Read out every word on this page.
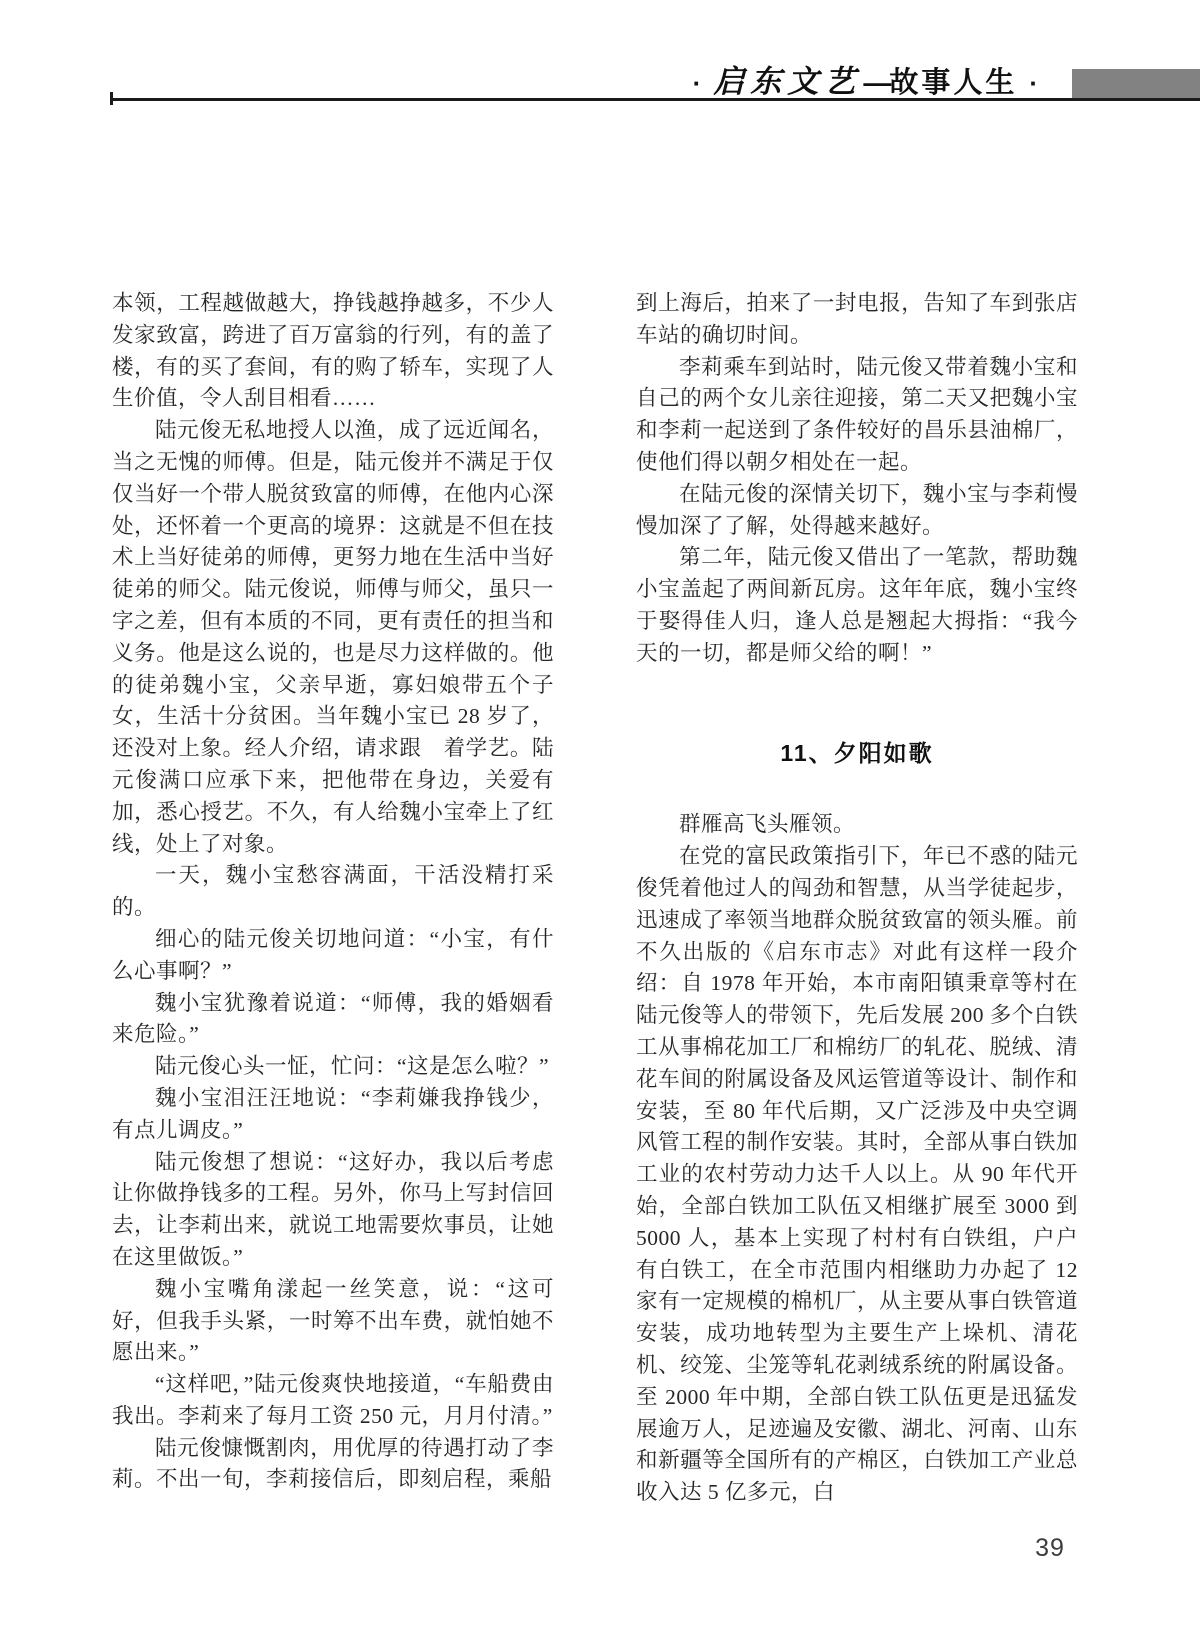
· 启东文艺 —
故事人生 ·

本领，工程越做越大，挣钱越挣越多，不少人发家致富，跨进了百万富翁的行列，有的盖了楼，有的买了套间，有的购了轿车，实现了人生价值，令人刮目相看……

陆元俊无私地授人以渔，成了远近闻名，当之无愧的师傅。但是，陆元俊并不满足于仅仅当好一个带人脱贫致富的师傅，在他内心深处，还怀着一个更高的境界：这就是不但在技术上当好徒弟的师傅，更努力地在生活中当好徒弟的师父。陆元俊说，师傅与师父，虽只一字之差，但有本质的不同，更有责任的担当和义务。他是这么说的，也是尽力这样做的。他的徒弟魏小宝，父亲早逝，寡妇娘带五个子女，生活十分贫困。当年魏小宝已 28 岁了，还没对上象。经人介绍，请求跟　着学艺。陆元俊满口应承下来，把他带在身边，关爱有加，悉心授艺。不久，有人给魏小宝牵上了红线，处上了对象。

一天，魏小宝愁容满面，干活没精打采的。

细心的陆元俊关切地问道：“小宝，有什么心事啊？”

魏小宝犹豫着说道：“师傅，我的婚姻看来危险。”

陆元俊心头一怔，忙问：“这是怎么啦？”

魏小宝泪汪汪地说：“李莉嫌我挣钱少，有点儿调皮。”

陆元俊想了想说：“这好办，我以后考虑让你做挣钱多的工程。另外，你马上写封信回去，让李莉出来，就说工地需要炊事员，让她在这里做饭。”

魏小宝嘴角漾起一丝笑意，说：“这可好，但我手头紧，一时筹不出车费，就怕她不愿出来。”

“这样吧，”陆元俊爽快地接道，“车船费由我出。李莉来了每月工资 250 元，月月付清。”

陆元俊慷慨割肉，用优厚的待遇打动了李莉。不出一旬，李莉接信后，即刻启程，乘船

到上海后，拍来了一封电报，告知了车到张店车站的确切时间。

李莉乘车到站时，陆元俊又带着魏小宝和自己的两个女儿亲往迎接，第二天又把魏小宝和李莉一起送到了条件较好的昌乐县油棉厂，使他们得以朝夕相处在一起。

在陆元俊的深情关切下，魏小宝与李莉慢慢加深了了解，处得越来越好。

第二年，陆元俊又借出了一笔款，帮助魏小宝盖起了两间新瓦房。这年年底，魏小宝终于娶得佳人归，逢人总是翘起大拇指：“我今天的一切，都是师父给的啊！”

11、夕阳如歌

群雁高飞头雁领。

在党的富民政策指引下，年已不惑的陆元俊凭着他过人的闯劲和智慧，从当学徒起步，迅速成了率领当地群众脱贫致富的领头雁。前不久出版的《启东市志》对此有这样一段介绍：自 1978 年开始，本市南阳镇秉章等村在陆元俊等人的带领下，先后发展 200 多个白铁工从事棉花加工厂和棉纺厂的轧花、脱绒、清花车间的附属设备及风运管道等设计、制作和安装，至 80 年代后期，又广泛涉及中央空调风管工程的制作安装。其时，全部从事白铁加工业的农村劳动力达千人以上。从 90 年代开始，全部白铁加工队伍又相继扩展至 3000 到 5000 人，基本上实现了村村有白铁组，户户有白铁工，在全市范围内相继助力办起了 12 家有一定规模的棉机厂，从主要从事白铁管道安装，成功地转型为主要生产上垛机、清花机、绞笼、尘笼等轧花剥绒系统的附属设备。至 2000 年中期，全部白铁工队伍更是迅猛发展逾万人，足迹遍及安徽、湖北、河南、山东和新疆等全国所有的产棉区，白铁加工产业总收入达 5 亿多元，白

39
